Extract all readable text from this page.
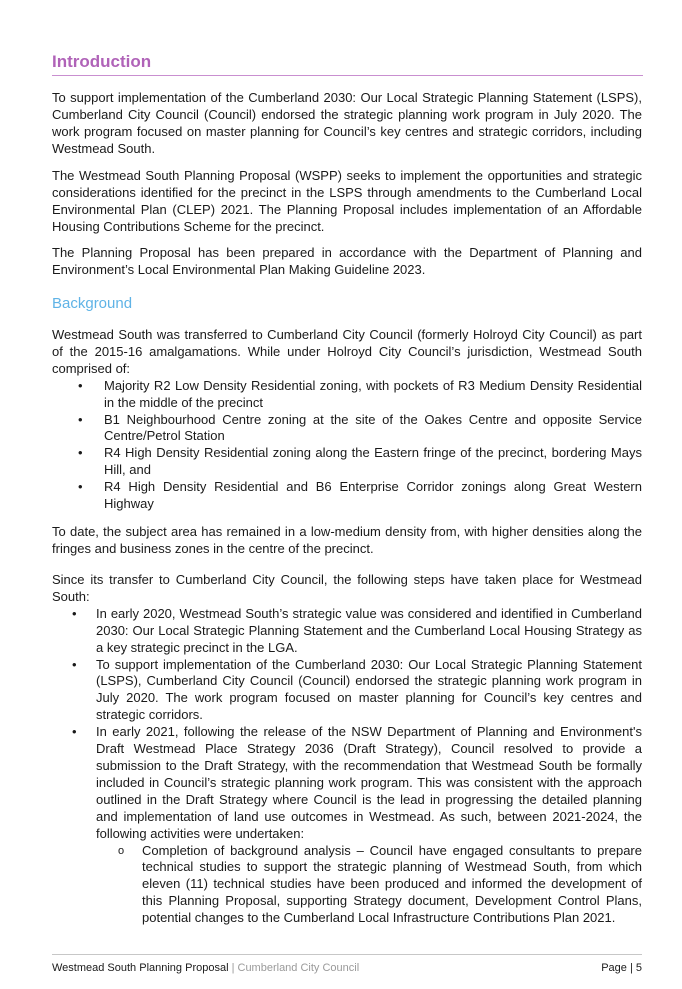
Introduction

To support implementation of the Cumberland 2030: Our Local Strategic Planning Statement (LSPS), Cumberland City Council (Council) endorsed the strategic planning work program in July 2020. The work program focused on master planning for Council’s key centres and strategic corridors, including Westmead South.

The Westmead South Planning Proposal (WSPP) seeks to implement the opportunities and strategic considerations identified for the precinct in the LSPS through amendments to the Cumberland Local Environmental Plan (CLEP) 2021. The Planning Proposal includes implementation of an Affordable Housing Contributions Scheme for the precinct.

The Planning Proposal has been prepared in accordance with the Department of Planning and Environment’s Local Environmental Plan Making Guideline 2023.

Background

Westmead South was transferred to Cumberland City Council (formerly Holroyd City Council) as part of the 2015-16 amalgamations. While under Holroyd City Council’s jurisdiction, Westmead South comprised of:

• Majority R2 Low Density Residential zoning, with pockets of R3 Medium Density Residential in the middle of the precinct
• B1 Neighbourhood Centre zoning at the site of the Oakes Centre and opposite Service Centre/Petrol Station
• R4 High Density Residential zoning along the Eastern fringe of the precinct, bordering Mays Hill, and
• R4 High Density Residential and B6 Enterprise Corridor zonings along Great Western Highway

To date, the subject area has remained in a low-medium density from, with higher densities along the fringes and business zones in the centre of the precinct.

Since its transfer to Cumberland City Council, the following steps have taken place for Westmead South:

• In early 2020, Westmead South’s strategic value was considered and identified in Cumberland 2030: Our Local Strategic Planning Statement and the Cumberland Local Housing Strategy as a key strategic precinct in the LGA.
• To support implementation of the Cumberland 2030: Our Local Strategic Planning Statement (LSPS), Cumberland City Council (Council) endorsed the strategic planning work program in July 2020. The work program focused on master planning for Council’s key centres and strategic corridors.
• In early 2021, following the release of the NSW Department of Planning and Environment's Draft Westmead Place Strategy 2036 (Draft Strategy), Council resolved to provide a submission to the Draft Strategy, with the recommendation that Westmead South be formally included in Council’s strategic planning work program. This was consistent with the approach outlined in the Draft Strategy where Council is the lead in progressing the detailed planning and implementation of land use outcomes in Westmead. As such, between 2021-2024, the following activities were undertaken:
o Completion of background analysis – Council have engaged consultants to prepare technical studies to support the strategic planning of Westmead South, from which eleven (11) technical studies have been produced and informed the development of this Planning Proposal, supporting Strategy document, Development Control Plans, potential changes to the Cumberland Local Infrastructure Contributions Plan 2021.
Westmead South Planning Proposal | Cumberland City Council	Page | 5
